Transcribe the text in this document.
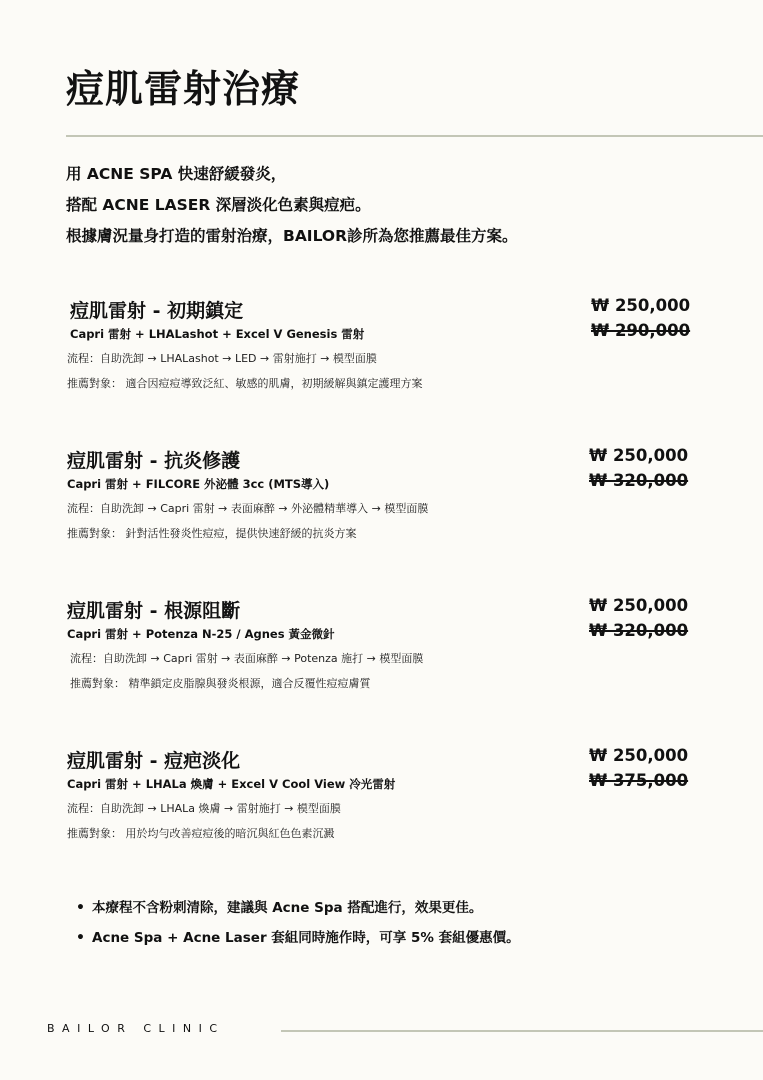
痘肌雷射治療
用 ACNE SPA 快速舒緩發炎，
搭配 ACNE LASER 深層淡化色素與痘疤。
根據膚況量身打造的雷射治療，BAILOR診所為您推薦最佳方案。
痘肌雷射 - 初期鎮定
Capri 雷射 + LHALashot + Excel V Genesis 雷射
流程：自助洗卸 → LHALashot → LED → 雷射施打 → 模型面膜
推薦對象： 適合因痘痘導致泛紅、敏感的肌膚，初期緩解與鎮定護理方案
₩ 250,000
₩ 290,000
痘肌雷射 - 抗炎修護
Capri 雷射 + FILCORE 外泌體 3cc (MTS導入)
流程：自助洗卸 → Capri 雷射 → 表面麻醉 → 外泌體精華導入 → 模型面膜
推薦對象： 針對活性發炎性痘痘，提供快速舒緩的抗炎方案
₩ 250,000
₩ 320,000
痘肌雷射 - 根源阻斷
Capri 雷射 + Potenza N-25 / Agnes 黃金微針
流程：自助洗卸 → Capri 雷射 → 表面麻醉 → Potenza 施打 → 模型面膜
推薦對象： 精準鎖定皮脂腺與發炎根源，適合反覆性痘痘膚質
₩ 250,000
₩ 320,000
痘肌雷射 - 痘疤淡化
Capri 雷射 + LHALa 煥膚 + Excel V Cool View 冷光雷射
流程：自助洗卸 → LHALa 煥膚 → 雷射施打 → 模型面膜
推薦對象： 用於均勻改善痘痘後的暗沉與紅色色素沉澱
₩ 250,000
₩ 375,000
• 本療程不含粉刺清除，建議與 Acne Spa 搭配進行，效果更佳。
• Acne Spa + Acne Laser 套組同時施作時，可享 5% 套組優惠價。
BAILOR CLINIC
